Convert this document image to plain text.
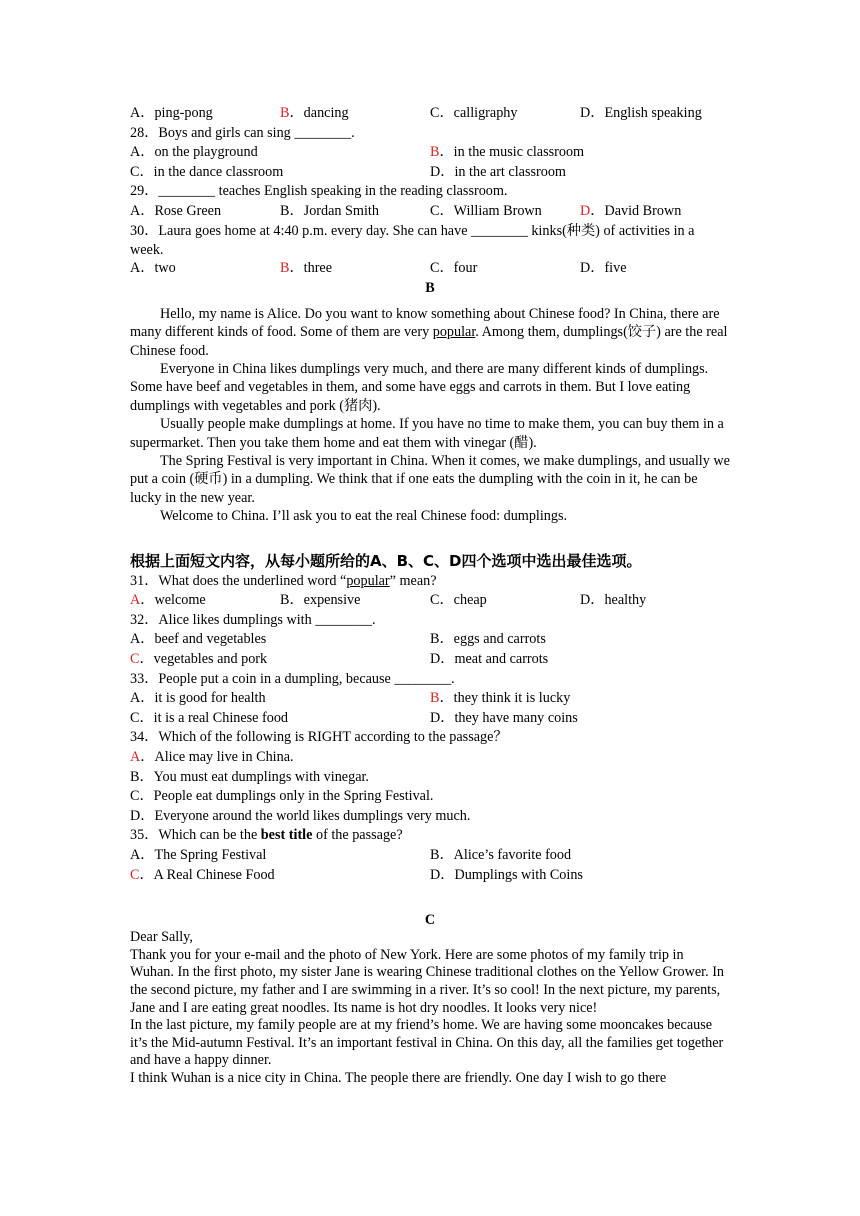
A．ping-pong	B．dancing	C．calligraphy	D．English speaking
28．Boys and girls can sing ________.
A．on the playground	B．in the music classroom
C．in the dance classroom	D．in the art classroom
29．________ teaches English speaking in the reading classroom.
A．Rose Green	B．Jordan Smith	C．William Brown	D．David Brown
30．Laura goes home at 4:40 p.m. every day. She can have ________ kinks(种类) of activities in a
week.
A．two	B．three	C．four	D．five
B

Hello, my name is Alice. Do you want to know something about Chinese food? In China, there are many different kinds of food. Some of them are very popular. Among them, dumplings(饺子) are the real Chinese food.

Everyone in China likes dumplings very much, and there are many different kinds of dumplings. Some have beef and vegetables in them, and some have eggs and carrots in them. But I love eating dumplings with vegetables and pork (猪肉).

Usually people make dumplings at home. If you have no time to make them, you can buy them in a supermarket. Then you take them home and eat them with vinegar (醋).

The Spring Festival is very important in China. When it comes, we make dumplings, and usually we put a coin (硬币) in a dumpling. We think that if one eats the dumpling with the coin in it, he can be lucky in the new year.

Welcome to China. I’ll ask you to eat the real Chinese food: dumplings.

根据上面短文内容，从每小题所给的A、B、C、D四个选项中选出最佳选项。
31．What does the underlined word “popular” mean?
A．welcome	B．expensive	C．cheap	D．healthy
32．Alice likes dumplings with ________.
A．beef and vegetables	B．eggs and carrots
C．vegetables and pork	D．meat and carrots
33．People put a coin in a dumpling, because ________.
A．it is good for health	B．they think it is lucky
C．it is a real Chinese food	D．they have many coins
34．Which of the following is RIGHT according to the passage？
A．Alice may live in China.
B．You must eat dumplings with vinegar.
C．People eat dumplings only in the Spring Festival.
D．Everyone around the world likes dumplings very much.
35．Which can be the best title of the passage?
A．The Spring Festival	B．Alice’s favorite food
C．A Real Chinese Food	D．Dumplings with Coins
C

Dear Sally,

Thank you for your e-mail and the photo of New York. Here are some photos of my family trip in Wuhan. In the first photo, my sister Jane is wearing Chinese traditional clothes on the Yellow Grower. In the second picture, my father and I are swimming in a river. It’s so cool! In the next picture, my parents, Jane and I are eating great noodles. Its name is hot dry noodles. It looks very nice!

In the last picture, my family people are at my friend’s home. We are having some mooncakes because it’s the Mid-autumn Festival. It’s an important festival in China. On this day, all the families get together and have a happy dinner.

I think Wuhan is a nice city in China. The people there are friendly. One day I wish to go there
